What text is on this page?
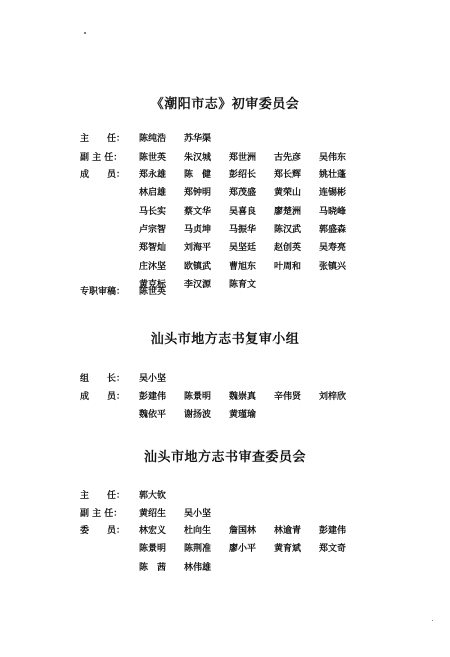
《潮阳市志》初审委员会
主　　任：
副 主 任：
成　　员：
专职审稿：
汕头市地方志书复审小组
组　　长：
成　　员：
汕头市地方志书审查委员会
主　　任：
副 主 任：
委　　员：
陈纯浩 苏华渠
陈世英 朱汉城 郑世洲 古先彦 吴伟东
郑永雄 陈　健 彭绍长 郑长辉 姚壮蓬
林启雄 郑钟明 郑茂盛 黄荣山 连锡彬
马长实 蔡文华 吴喜良 廖楚洲 马晓峰
卢宗智 马贞坤 马振华 陈汉武 郭盛森
郑智灿 刘海平 吴坚廷 赵创英 吴寿亮
庄沐坚 欧镇武 曹旭东 叶周和 张镇兴
黄克标 李汉源 陈育文
陈世英
吴小坚
彭建伟 陈景明 魏崇真 辛伟贤 刘梓欣
魏依平 谢扬波 黄瑾瑜
郭大钦
黄绍生 吴小坚
林宏义 杜向生 詹国林 林逾青 彭建伟
陈景明 陈荆准 廖小平 黄育斌 郑文奇
陈　茜 林伟雄
